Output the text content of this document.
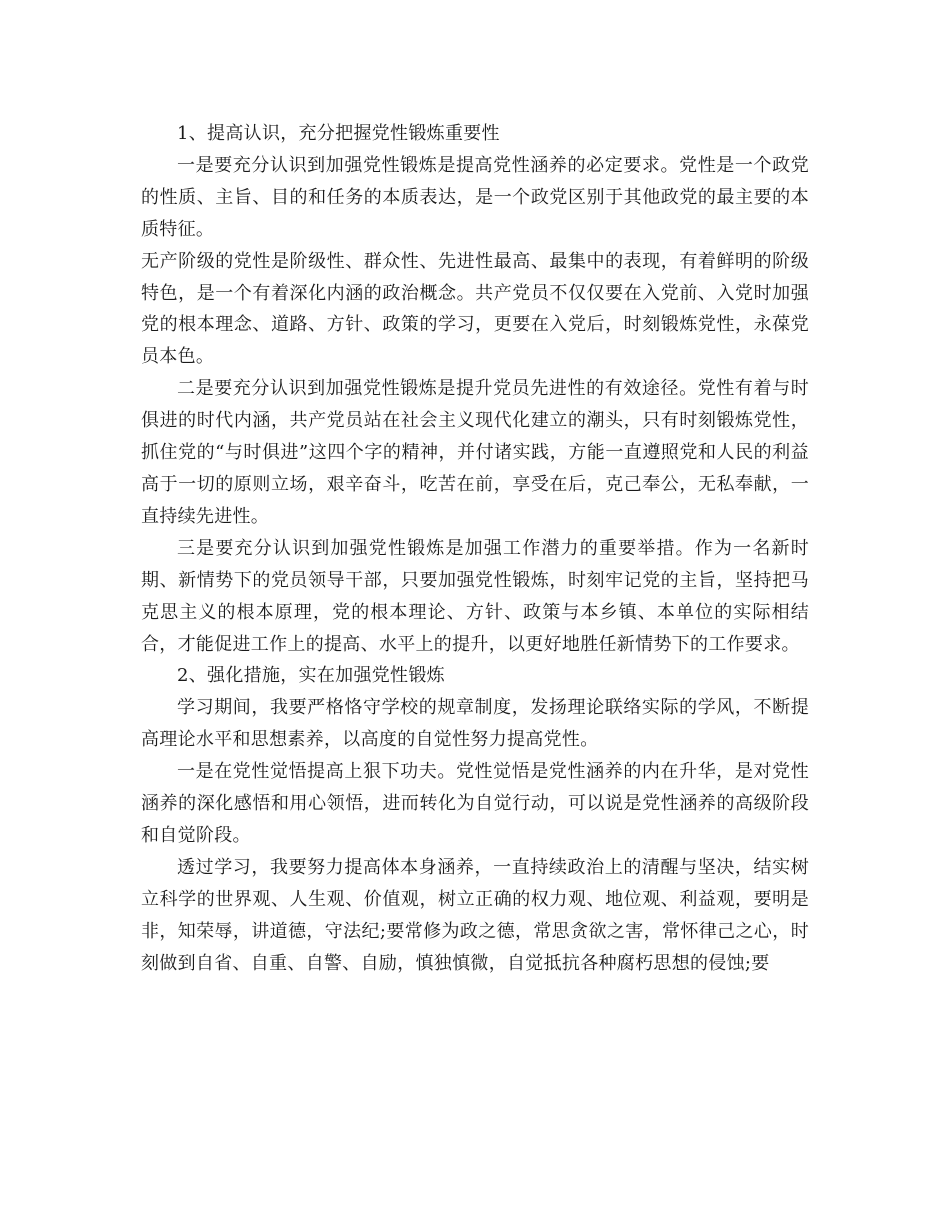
1、提高认识，充分把握党性锻炼重要性

一是要充分认识到加强党性锻炼是提高党性涵养的必定要求。党性是一个政党的性质、主旨、目的和任务的本质表达，是一个政党区别于其他政党的最主要的本质特征。

无产阶级的党性是阶级性、群众性、先进性最高、最集中的表现，有着鲜明的阶级特色，是一个有着深化内涵的政治概念。共产党员不仅仅要在入党前、入党时加强党的根本理念、道路、方针、政策的学习，更要在入党后，时刻锻炼党性，永葆党员本色。

二是要充分认识到加强党性锻炼是提升党员先进性的有效途径。党性有着与时俱进的时代内涵，共产党员站在社会主义现代化建立的潮头，只有时刻锻炼党性，抓住党的“与时俱进”这四个字的精神，并付诸实践，方能一直遵照党和人民的利益高于一切的原则立场，艰辛奋斗，吃苦在前，享受在后，克己奉公，无私奉献，一直持续先进性。

三是要充分认识到加强党性锻炼是加强工作潜力的重要举措。作为一名新时期、新情势下的党员领导干部，只要加强党性锻炼，时刻牢记党的主旨，坚持把马克思主义的根本原理，党的根本理论、方针、政策与本乡镇、本单位的实际相结合，才能促进工作上的提高、水平上的提升，以更好地胜任新情势下的工作要求。

2、强化措施，实在加强党性锻炼

学习期间，我要严格恪守学校的规章制度，发扬理论联络实际的学风，不断提高理论水平和思想素养，以高度的自觉性努力提高党性。

一是在党性觉悟提高上狠下功夫。党性觉悟是党性涵养的内在升华，是对党性涵养的深化感悟和用心领悟，进而转化为自觉行动，可以说是党性涵养的高级阶段和自觉阶段。

透过学习，我要努力提高体本身涵养，一直持续政治上的清醒与坚决，结实树立科学的世界观、人生观、价值观，树立正确的权力观、地位观、利益观，要明是非，知荣辱，讲道德，守法纪;要常修为政之德，常思贪欲之害，常怀律己之心，时刻做到自省、自重、自警、自励，慎独慎微，自觉抵抗各种腐朽思想的侵蚀;要
